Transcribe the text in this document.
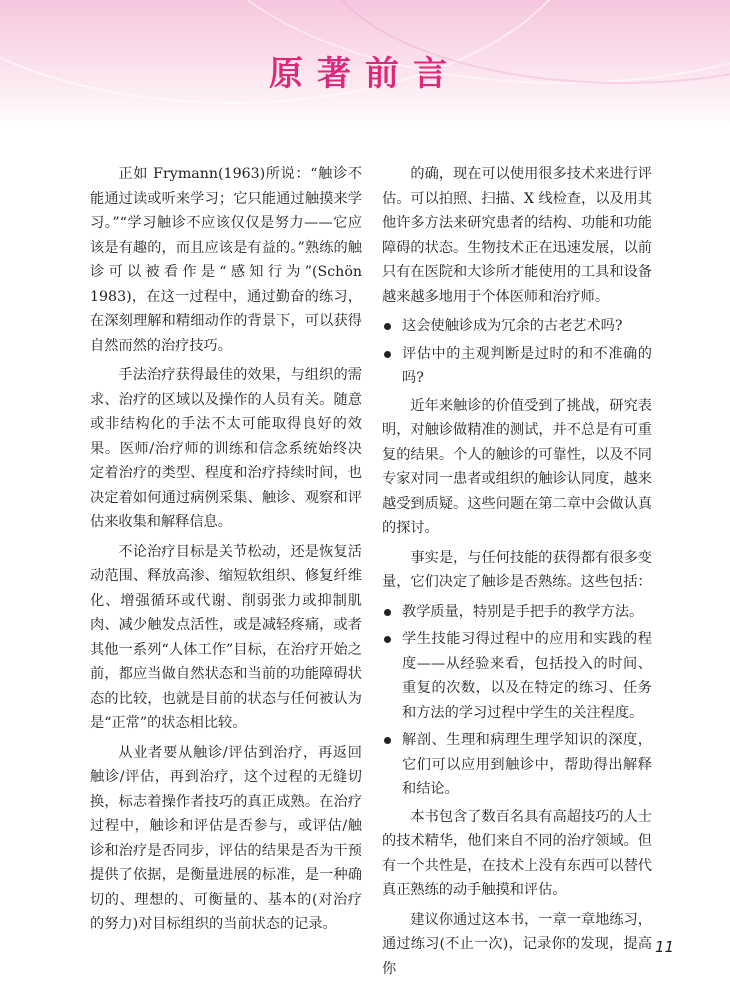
原著前言

正如 Frymann(1963)所说：“触诊不能通过读或听来学习；它只能通过触摸来学习。”“学习触诊不应该仅仅是努力——它应该是有趣的，而且应该是有益的。”熟练的触诊可以被看作是“感知行为”(Schön 1983)，在这一过程中，通过勤奋的练习，在深刻理解和精细动作的背景下，可以获得自然而然的治疗技巧。

手法治疗获得最佳的效果，与组织的需求、治疗的区域以及操作的人员有关。随意或非结构化的手法不太可能取得良好的效果。医师/治疗师的训练和信念系统始终决定着治疗的类型、程度和治疗持续时间，也决定着如何通过病例采集、触诊、观察和评估来收集和解释信息。

不论治疗目标是关节松动，还是恢复活动范围、释放高渗、缩短软组织、修复纤维化、增强循环或代谢、削弱张力或抑制肌肉、减少触发点活性，或是减轻疼痛，或者其他一系列“人体工作”目标，在治疗开始之前，都应当做自然状态和当前的功能障碍状态的比较，也就是目前的状态与任何被认为是“正常”的状态相比较。

从业者要从触诊/评估到治疗，再返回触诊/评估，再到治疗，这个过程的无缝切换，标志着操作者技巧的真正成熟。在治疗过程中，触诊和评估是否参与，或评估/触诊和治疗是否同步，评估的结果是否为干预提供了依据，是衡量进展的标准，是一种确切的、理想的、可衡量的、基本的(对治疗的努力)对目标组织的当前状态的记录。

的确，现在可以使用很多技术来进行评估。可以拍照、扫描、X 线检查，以及用其他许多方法来研究患者的结构、功能和功能障碍的状态。生物技术正在迅速发展，以前只有在医院和大诊所才能使用的工具和设备越来越多地用于个体医师和治疗师。

这会使触诊成为冗余的古老艺术吗?
评估中的主观判断是过时的和不准确的吗?

近年来触诊的价值受到了挑战，研究表明，对触诊做精准的测试，并不总是有可重复的结果。个人的触诊的可靠性，以及不同专家对同一患者或组织的触诊认同度，越来越受到质疑。这些问题在第二章中会做认真的探讨。

事实是，与任何技能的获得都有很多变量，它们决定了触诊是否熟练。这些包括：

教学质量，特别是手把手的教学方法。
学生技能习得过程中的应用和实践的程度——从经验来看，包括投入的时间、重复的次数，以及在特定的练习、任务和方法的学习过程中学生的关注程度。
解剖、生理和病理生理学知识的深度，它们可以应用到触诊中，帮助得出解释和结论。

本书包含了数百名具有高超技巧的人士的技术精华，他们来自不同的治疗领域。但有一个共性是，在技术上没有东西可以替代真正熟练的动手触摸和评估。

建议你通过这本书，一章一章地练习，通过练习(不止一次)，记录你的发现，提高你

11
